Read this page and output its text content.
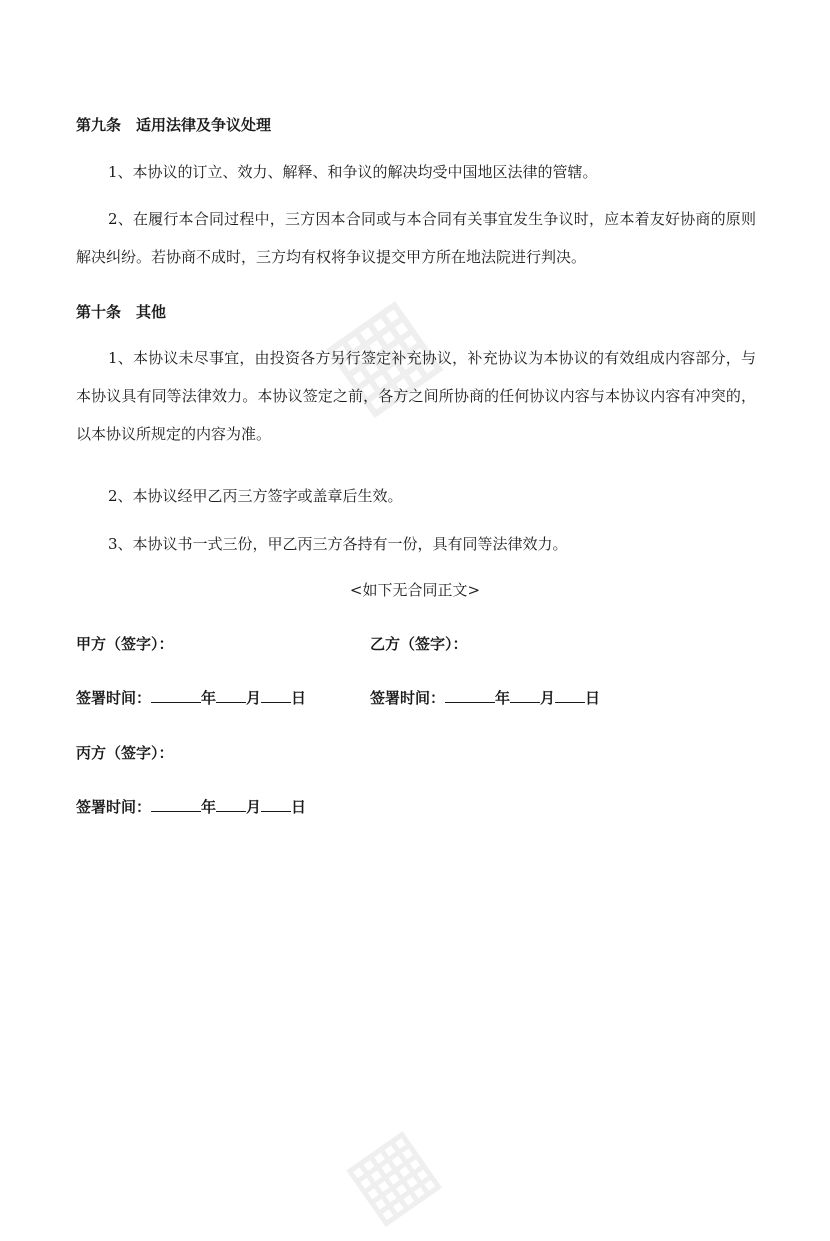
▦
▦
第九条　适用法律及争议处理
1、本协议的订立、效力、解释、和争议的解决均受中国地区法律的管辖。
2、在履行本合同过程中，三方因本合同或与本合同有关事宜发生争议时，应本着友好协商的原则解决纠纷。若协商不成时，三方均有权将争议提交甲方所在地法院进行判决。
第十条　其他
1、本协议未尽事宜，由投资各方另行签定补充协议，补充协议为本协议的有效组成内容部分，与本协议具有同等法律效力。本协议签定之前，各方之间所协商的任何协议内容与本协议内容有冲突的，以本协议所规定的内容为准。
2、本协议经甲乙丙三方签字或盖章后生效。
3、本协议书一式三份，甲乙丙三方各持有一份，具有同等法律效力。
<如下无合同正文>
甲方（签字）：	乙方（签字）：
签署时间：	年 月 日	签署时间：	年 月 日
丙方（签字）：
签署时间：	年 月 日
